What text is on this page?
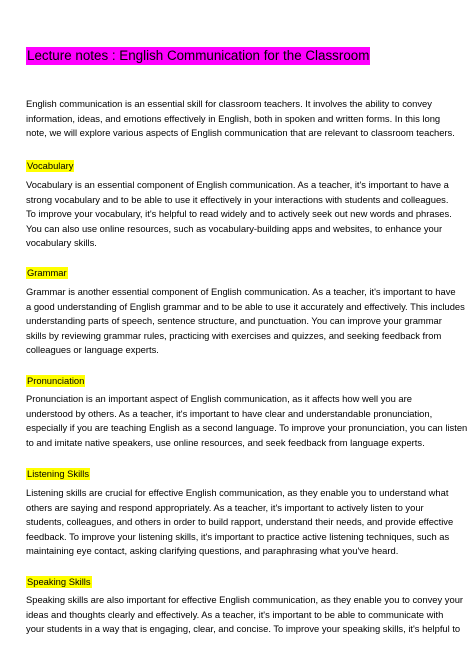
Lecture notes : English Communication for the Classroom
English communication is an essential skill for classroom teachers. It involves the ability to convey
information, ideas, and emotions effectively in English, both in spoken and written forms. In this long
note, we will explore various aspects of English communication that are relevant to classroom teachers.
Vocabulary
Vocabulary is an essential component of English communication. As a teacher, it's important to have a
strong vocabulary and to be able to use it effectively in your interactions with students and colleagues.
To improve your vocabulary, it's helpful to read widely and to actively seek out new words and phrases.
You can also use online resources, such as vocabulary-building apps and websites, to enhance your
vocabulary skills.
Grammar
Grammar is another essential component of English communication. As a teacher, it's important to have
a good understanding of English grammar and to be able to use it accurately and effectively. This includes
understanding parts of speech, sentence structure, and punctuation. You can improve your grammar
skills by reviewing grammar rules, practicing with exercises and quizzes, and seeking feedback from
colleagues or language experts.
Pronunciation
Pronunciation is an important aspect of English communication, as it affects how well you are
understood by others. As a teacher, it's important to have clear and understandable pronunciation,
especially if you are teaching English as a second language. To improve your pronunciation, you can listen
to and imitate native speakers, use online resources, and seek feedback from language experts.
Listening Skills
Listening skills are crucial for effective English communication, as they enable you to understand what
others are saying and respond appropriately. As a teacher, it's important to actively listen to your
students, colleagues, and others in order to build rapport, understand their needs, and provide effective
feedback. To improve your listening skills, it's important to practice active listening techniques, such as
maintaining eye contact, asking clarifying questions, and paraphrasing what you've heard.
Speaking Skills
Speaking skills are also important for effective English communication, as they enable you to convey your
ideas and thoughts clearly and effectively. As a teacher, it's important to be able to communicate with
your students in a way that is engaging, clear, and concise. To improve your speaking skills, it's helpful to
